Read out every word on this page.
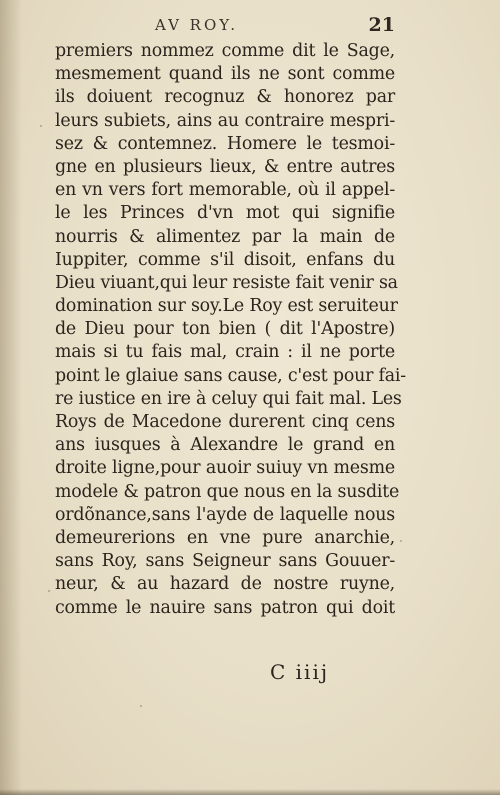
AV ROY.	21
premiers nommez comme dit le Sage,
mesmement quand ils ne sont comme
ils doiuent recognuz & honorez par
leurs subiets, ains au contraire mespri-
sez & contemnez. Homere le tesmoi-
gne en plusieurs lieux, & entre autres
en vn vers fort memorable, où il appel-
le les Princes d'vn mot qui signifie
nourris & alimentez par la main de
Iuppiter, comme s'il disoit, enfans du
Dieu viuant,qui leur resiste fait venir sa
domination sur soy.Le Roy est seruiteur
de Dieu pour ton bien ( dit l'Apostre)
mais si tu fais mal, crain : il ne porte
point le glaiue sans cause, c'est pour fai-
re iustice en ire à celuy qui fait mal. Les
Roys de Macedone durerent cinq cens
ans iusques à Alexandre le grand en
droite ligne,pour auoir suiuy vn mesme
modele & patron que nous en la susdite
ordõnance,sans l'ayde de laquelle nous
demeurerions en vne pure anarchie,
sans Roy, sans Seigneur sans Gouuer-
neur, & au hazard de nostre ruyne,
comme le nauire sans patron qui doit
C iiij
